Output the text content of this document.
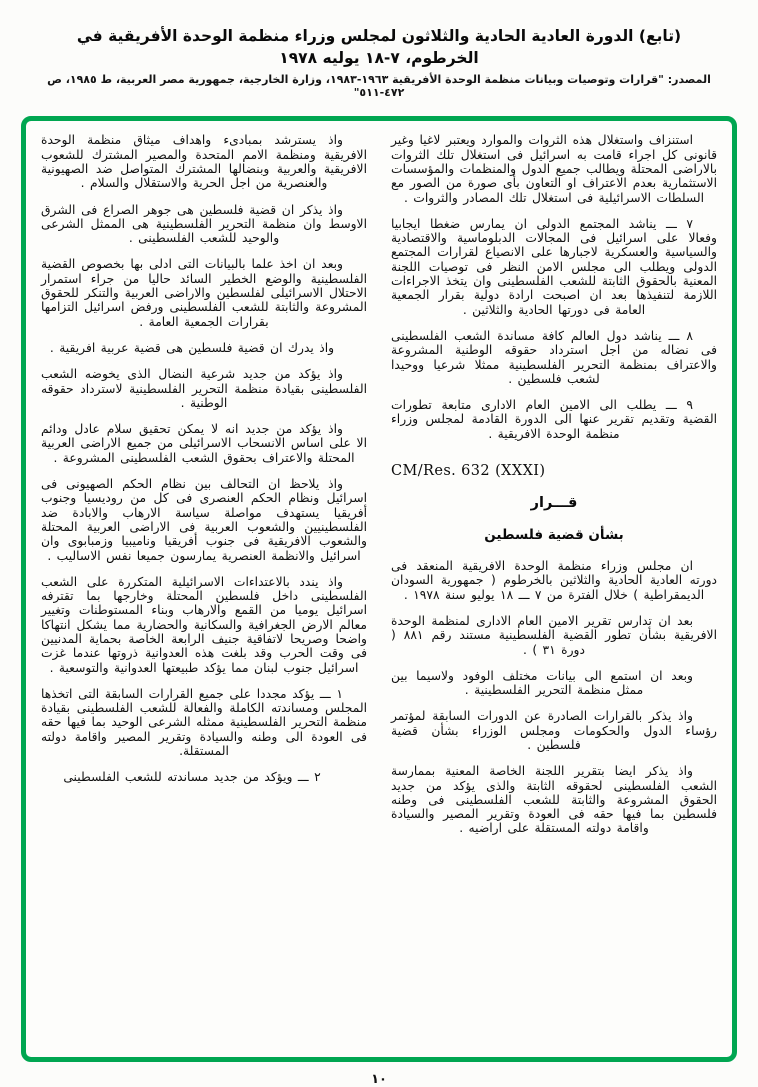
(تابع) الدورة العادية الحادية والثلاثون لمجلس وزراء منظمة الوحدة الأفريقية في الخرطوم، ٧-١٨ يوليه ١٩٧٨
المصدر: "قرارات وتوصيات وبيانات منظمة الوحدة الأفريقية ١٩٦٣-١٩٨٣، وزارة الخارجية، جمهورية مصر العربية، ط ١٩٨٥، ص ٤٧٢-٥١١"

استنزاف واستغلال هذه الثروات والموارد ويعتبر لاغيا وغير قانونى كل اجراء قامت به اسرائيل فى استغلال تلك الثروات بالاراضى المحتلة ويطالب جميع الدول والمنظمات والمؤسسات الاستثمارية بعدم الاعتراف او التعاون بأى صورة من الصور مع السلطات الاسرائيلية فى استغلال تلك المصادر والثروات .

٧ ـــ يناشد المجتمع الدولى ان يمارس ضغطا ايجابيا وفعالا على اسرائيل فى المجالات الدبلوماسية والاقتصادية والسياسية والعسكرية لاجبارها على الانصياع لقرارات المجتمع الدولى ويطلب الى مجلس الامن النظر فى توصيات اللجنة المعنية بالحقوق الثابتة للشعب الفلسطينى وان يتخذ الاجراءات اللازمة لتنفيذها بعد ان اصبحت ارادة دولية بقرار الجمعية العامة فى دورتها الحادية والثلاثين .

٨ ـــ يناشد دول العالم كافة مساندة الشعب الفلسطينى فى نضاله من اجل استرداد حقوقه الوطنية المشروعة والاعتراف بمنظمة التحرير الفلسطينية ممثلا شرعيا ووحيدا لشعب فلسطين .

٩ ـــ يطلب الى الامين العام الادارى متابعة تطورات القضية وتقديم تقرير عنها الى الدورة القادمة لمجلس وزراء منظمة الوحدة الافريقية .

CM/Res. 632 (XXXI)

قـــرار
بشأن قضية فلسطين

ان مجلس وزراء منظمة الوحدة الافريقية المنعقد فى دورته العادية الحادية والثلاثين بالخرطوم ( جمهورية السودان الديمقراطية ) خلال الفترة من ٧ ـــ ١٨ يوليو سنة ١٩٧٨ .

بعد ان تدارس تقرير الامين العام الادارى لمنظمة الوحدة الافريقية بشأن تطور القضية الفلسطينية مستند رقم ٨٨١ ( دورة ٣١ ) .

وبعد ان استمع الى بيانات مختلف الوفود ولاسيما بين ممثل منظمة التحرير الفلسطينية .

واذ يذكر بالقرارات الصادرة عن الدورات السابقة لمؤتمر رؤساء الدول والحكومات ومجلس الوزراء بشأن قضية فلسطين .

واذ يذكر ايضا بتقرير اللجنة الخاصة المعنية بممارسة الشعب الفلسطينى لحقوقه الثابتة والذى يؤكد من جديد الحقوق المشروعة والثابتة للشعب الفلسطينى فى وطنه فلسطين بما فيها حقه فى العودة وتقرير المصير والسيادة واقامة دولته المستقلة على اراضيه .

واذ يسترشد بمبادىء واهداف ميثاق منظمة الوحدة الافريقية ومنظمة الامم المتحدة والمصير المشترك للشعوب الافريقية والعربية وبنضالها المشترك المتواصل ضد الصهيونية والعنصرية من اجل الحرية والاستقلال والسلام .

واذ يذكر ان قضية فلسطين هى جوهر الصراع فى الشرق الاوسط وان منظمة التحرير الفلسطينية هى الممثل الشرعى والوحيد للشعب الفلسطينى .

وبعد ان اخذ علما بالبيانات التى ادلى بها بخصوص القضية الفلسطينية والوضع الخطير السائد حاليا من جراء استمرار الاحتلال الاسرائيلى لفلسطين والاراضى العربية والتنكر للحقوق المشروعة والثابتة للشعب الفلسطينى ورفض اسرائيل التزامها بقرارات الجمعية العامة .

واذ يدرك ان قضية فلسطين هى قضية عربية افريقية .

واذ يؤكد من جديد شرعية النضال الذى يخوضه الشعب الفلسطينى بقيادة منظمة التحرير الفلسطينية لاسترداد حقوقه الوطنية .

واذ يؤكد من جديد انه لا يمكن تحقيق سلام عادل ودائم الا على اساس الانسحاب الاسرائيلى من جميع الاراضى العربية المحتلة والاعتراف بحقوق الشعب الفلسطينى المشروعة .

واذ يلاحظ ان التحالف بين نظام الحكم الصهيونى فى اسرائيل ونظام الحكم العنصرى فى كل من روديسيا وجنوب أفريقيا يستهدف مواصلة سياسة الارهاب والابادة ضد الفلسطينيين والشعوب العربية فى الاراضى العربية المحتلة والشعوب الافريقية فى جنوب أفريقيا وناميبيا وزمبابوى وان اسرائيل والانظمة العنصرية يمارسون جميعا نفس الاساليب .

واذ يندد بالاعتداءات الاسرائيلية المتكررة على الشعب الفلسطينى داخل فلسطين المحتلة وخارجها بما تقترفه اسرائيل يوميا من القمع والارهاب وبناء المستوطنات وتغيير معالم الارض الجغرافية والسكانية والحضارية مما يشكل انتهاكا واضحا وصريحا لاتفاقية جنيف الرابعة الخاصة بحماية المدنيين فى وقت الحرب وقد بلغت هذه العدوانية ذروتها عندما غزت اسرائيل جنوب لبنان مما يؤكد طبيعتها العدوانية والتوسعية .

١ ـــ يؤكد مجددا على جميع القرارات السابقة التى اتخذها المجلس ومساندته الكاملة والفعالة للشعب الفلسطينى بقيادة منظمة التحرير الفلسطينية ممثله الشرعى الوحيد بما فيها حقه فى العودة الى وطنه والسيادة وتقرير المصير واقامة دولته المستقلة.

٢ ـــ ويؤكد من جديد مساندته للشعب الفلسطينى

١٠
